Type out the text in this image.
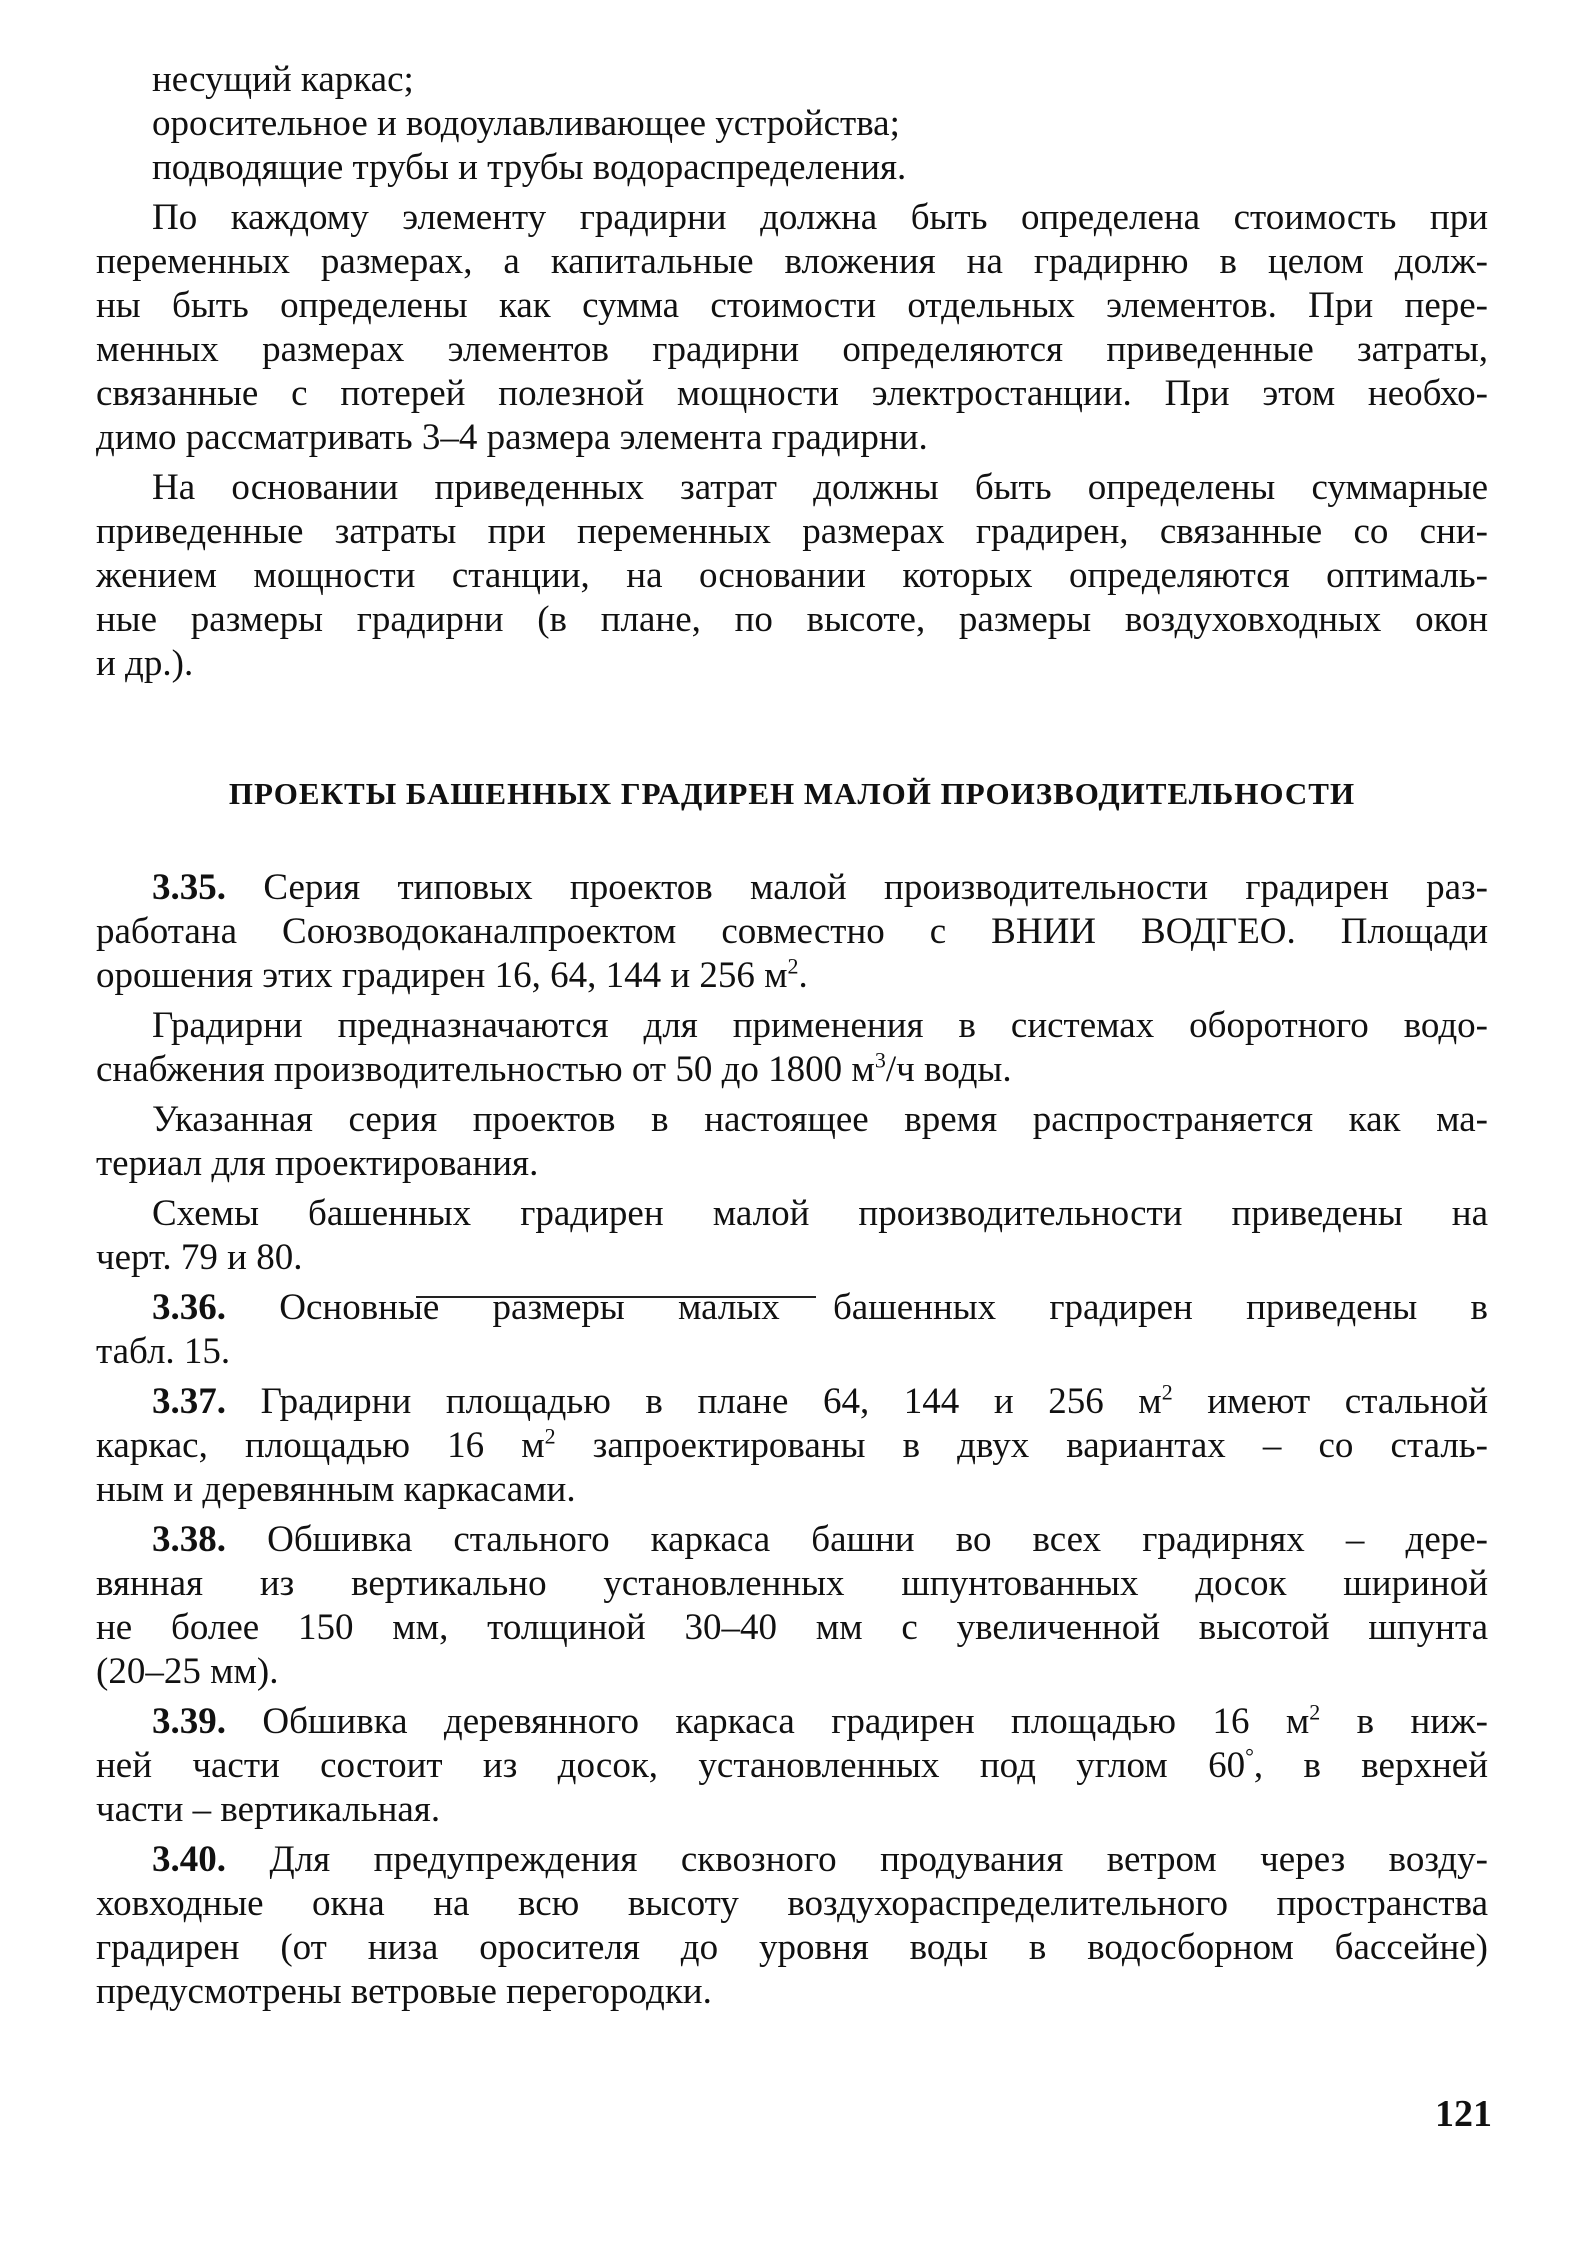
несущий каркас;

оросительное и водоулавливающее устройства;

подводящие трубы и трубы водораспределения.

По каждому элементу градирни должна быть определена стоимость при

переменных размерах, а капитальные вложения на градирню в целом долж-

ны быть определены как сумма стоимости отдельных элементов. При пере-

менных размерах элементов градирни определяются приведенные затраты,

связанные с потерей полезной мощности электростанции. При этом необхо-

димо рассматривать 3–4 размера элемента градирни.

На основании приведенных затрат должны быть определены суммарные

приведенные затраты при переменных размерах градирен, связанные со сни-

жением мощности станции, на основании которых определяются оптималь-

ные размеры градирни (в плане, по высоте, размеры воздуховходных окон

и др.).

ПРОЕКТЫ БАШЕННЫХ ГРАДИРЕН МАЛОЙ ПРОИЗВОДИТЕЛЬНОСТИ

3.35. Серия типовых проектов малой производительности градирен раз-

работана Союзводоканалпроектом совместно с ВНИИ ВОДГЕО. Площади

орошения этих градирен 16, 64, 144 и 256 $м^2$.

Градирни предназначаются для применения в системах оборотного водо-

снабжения производительностью от 50 до 1800 $м^3/ч$ воды.

Указанная серия проектов в настоящее время распространяется как ма-

териал для проектирования.

Схемы башенных градирен малой производительности приведены на

черт. 79 и 80.

3.36. Основные размеры малых башенных градирен приведены в

табл. 15.

3.37. Градирни площадью в плане 64, 144 и 256 $м^2$ имеют стальной

каркас, площадью 16 $м^2$ запроектированы в двух вариантах – со сталь-

ным и деревянным каркасами.

3.38. Обшивка стального каркаса башни во всех градирнях – дере-

вянная из вертикально установленных шпунтованных досок шириной

не более 150 мм, толщиной 30–40 мм с увеличенной высотой шпунта

(20–25 мм).

3.39. Обшивка деревянного каркаса градирен площадью 16 $м^2$ в ниж-

ней части состоит из досок, установленных под углом 60°, в верхней

части – вертикальная.

3.40. Для предупреждения сквозного продувания ветром через возду-

ховходные окна на всю высоту воздухораспределительного пространства

градирен (от низа оросителя до уровня воды в водосборном бассейне)

предусмотрены ветровые перегородки.

121
